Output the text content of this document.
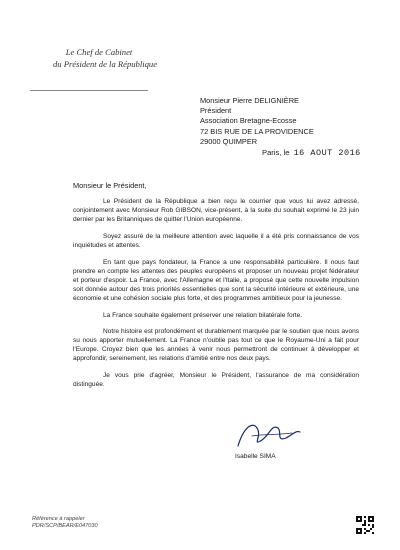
Le Chef de Cabinet
du Président de la République
Monsieur Pierre DELIGNIÈRE
Président
Association Bretagne-Ecosse
72 BIS RUE DE LA PROVIDENCE
29000 QUIMPER
Paris, le 16 AOUT 2016
Monsieur le Président,

Le Président de la République a bien reçu le courrier que vous lui avez adressé, conjointement avec Monsieur Rob GIBSON, vice-présent, à la suite du souhait exprimé le 23 juin dernier par les Britanniques de quitter l'Union européenne.

Soyez assuré de la meilleure attention avec laquelle il a été pris connaissance de vos inquiétudes et attentes.

En tant que pays fondateur, la France a une responsabilité particulière. Il nous faut prendre en compte les attentes des peuples européens et proposer un nouveau projet fédérateur et porteur d'espoir. La France, avec l'Allemagne et l'Italie, a proposé que cette nouvelle impulsion soit donnée autour des trois priorités essentielles que sont la sécurité intérieure et extérieure, une économie et une cohésion sociale plus forte, et des programmes ambitieux pour la jeunesse.

La France souhaite également préserver une relation bilatérale forte.

Notre histoire est profondément et durablement marquée par le soutien que nous avons su nous apporter mutuellement. La France n'oublie pas tout ce que le Royaume-Uni a fait pour l'Europe. Croyez bien que les années à venir nous permettront de continuer à développer et approfondir, sereinement, les relations d'amitié entre nos deux pays.

Je vous prie d'agréer, Monsieur le Président, l'assurance de ma considération distinguée.

Isabelle SIMA
Référence à rappeler
PDR/SCP/BEAR/E047030
